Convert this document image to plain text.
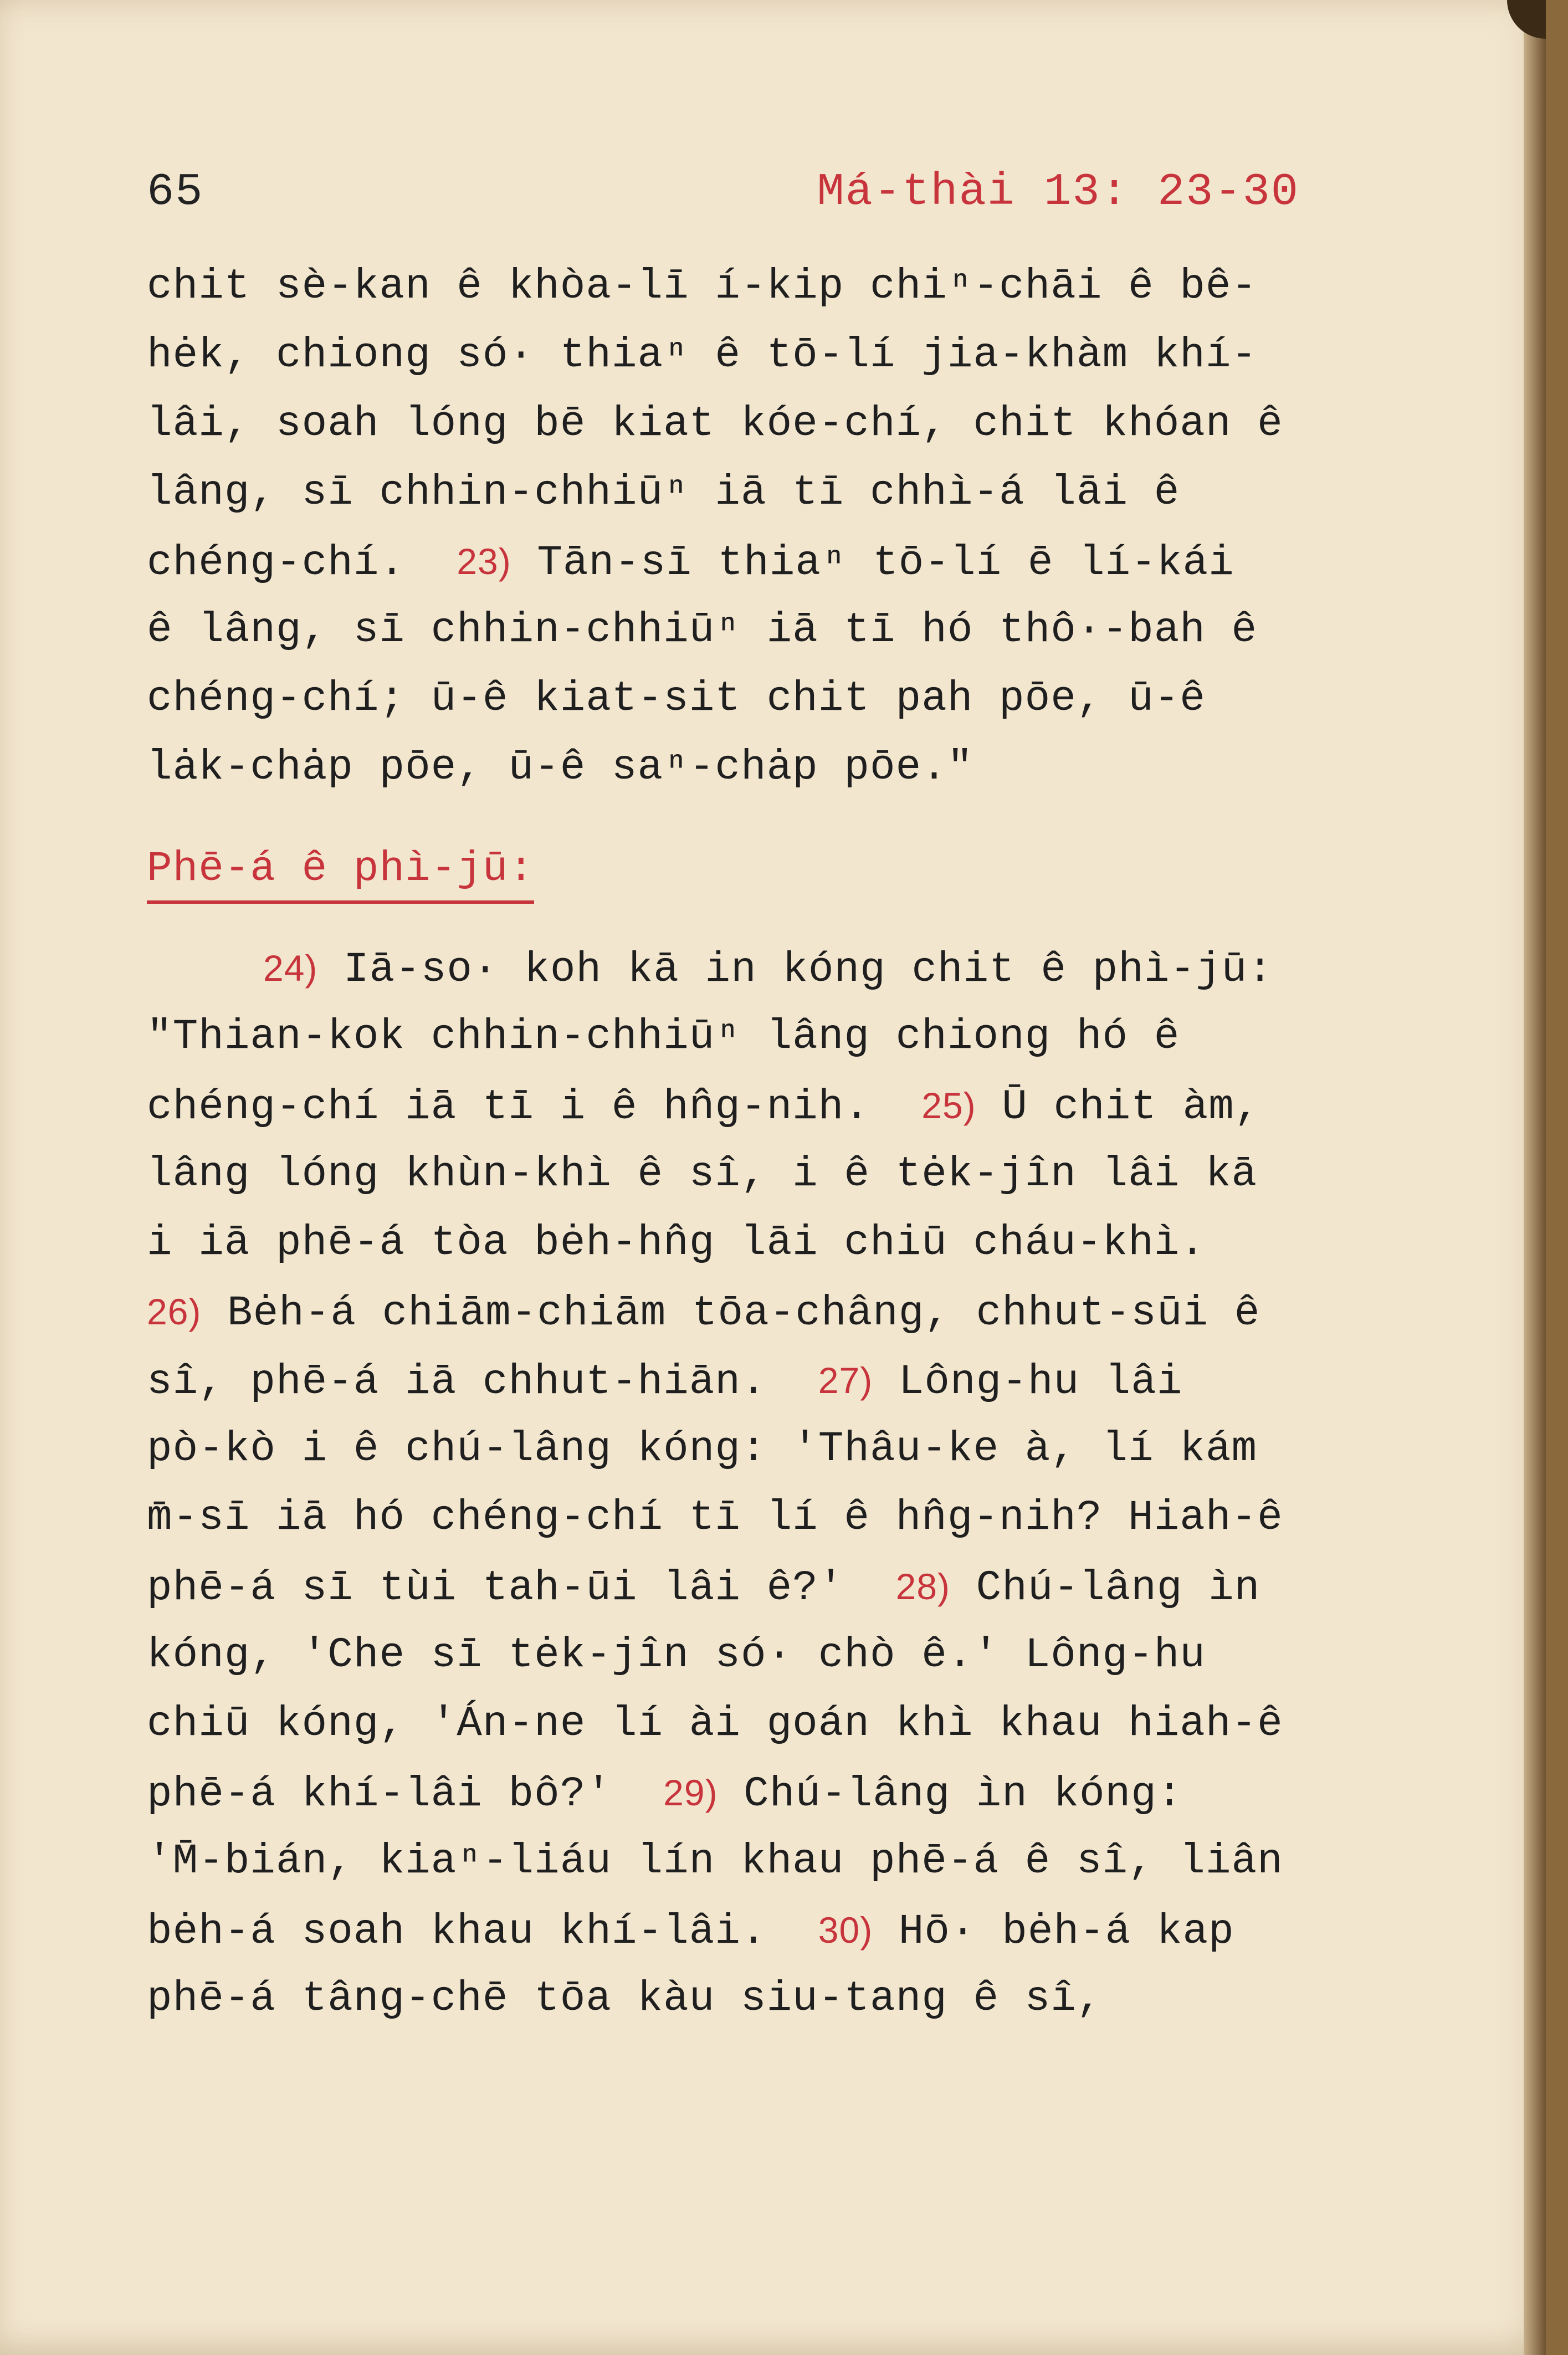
65	Má-thài 13: 23-30
chit sè-kan ê khòa-lī í-kip chiⁿ-chāi ê bê-
hėk, chiong só· thiaⁿ ê tō-lí jia-khàm khí-
lâi, soah lóng bē kiat kóe-chí, chit khóan ê
lâng, sī chhin-chhiūⁿ iā tī chhì-á lāi ê
chéng-chí.  23) Tān-sī thiaⁿ tō-lí ē lí-kái
ê lâng, sī chhin-chhiūⁿ iā tī hó thô·-bah ê
chéng-chí; ū-ê kiat-sit chit pah pōe, ū-ê
lȧk-chȧp pōe, ū-ê saⁿ-chȧp pōe."
Phē-á ê phì-jū:
24) Iā-so· koh kā in kóng chit ê phì-jū:
"Thian-kok chhin-chhiūⁿ lâng chiong hó ê
chéng-chí iā tī i ê hn̂g-nih.  25) Ū chit àm,
lâng lóng khùn-khì ê sî, i ê tėk-jîn lâi kā
i iā phē-á tòa bėh-hn̂g lāi chiū cháu-khì.
26) Bėh-á chiām-chiām tōa-châng, chhut-sūi ê
sî, phē-á iā chhut-hiān.  27) Lông-hu lâi
pò-kò i ê chú-lâng kóng: 'Thâu-ke à, lí kám
m̄-sī iā hó chéng-chí tī lí ê hn̂g-nih? Hiah-ê
phē-á sī tùi tah-ūi lâi ê?'  28) Chú-lâng ìn
kóng, 'Che sī tėk-jîn só· chò ê.' Lông-hu
chiū kóng, 'Án-ne lí ài goán khì khau hiah-ê
phē-á khí-lâi bô?'  29) Chú-lâng ìn kóng:
'M̄-bián, kiaⁿ-liáu lín khau phē-á ê sî, liân
bėh-á soah khau khí-lâi.  30) Hō· bėh-á kap
phē-á tâng-chē tōa kàu siu-tang ê sî,
